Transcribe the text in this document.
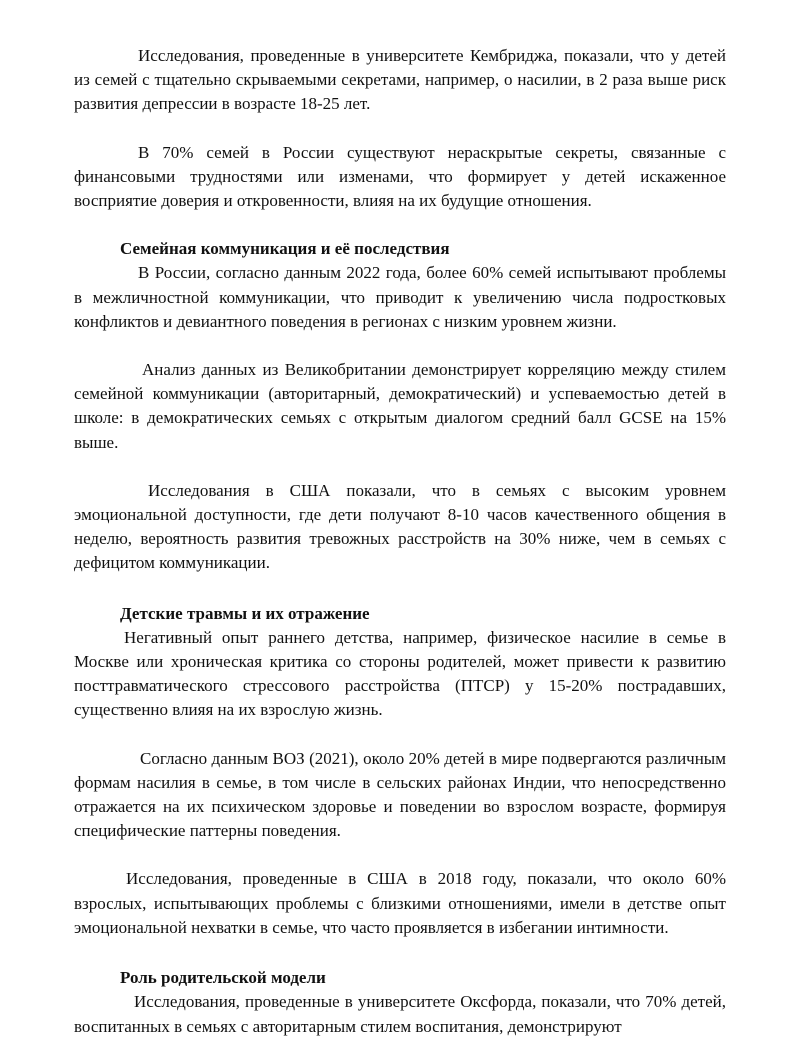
Исследования, проведенные в университете Кембриджа, показали, что у детей из семей с тщательно скрываемыми секретами, например, о насилии, в 2 раза выше риск развития депрессии в возрасте 18-25 лет.

В 70% семей в России существуют нераскрытые секреты, связанные с финансовыми трудностями или изменами, что формирует у детей искаженное восприятие доверия и откровенности, влияя на их будущие отношения.

Семейная коммуникация и её последствия

В России, согласно данным 2022 года, более 60% семей испытывают проблемы в межличностной коммуникации, что приводит к увеличению числа подростковых конфликтов и девиантного поведения в регионах с низким уровнем жизни.

Анализ данных из Великобритании демонстрирует корреляцию между стилем семейной коммуникации (авторитарный, демократический) и успеваемостью детей в школе: в демократических семьях с открытым диалогом средний балл GCSE на 15% выше.

Исследования в США показали, что в семьях с высоким уровнем эмоциональной доступности, где дети получают 8-10 часов качественного общения в неделю, вероятность развития тревожных расстройств на 30% ниже, чем в семьях с дефицитом коммуникации.

Детские травмы и их отражение

Негативный опыт раннего детства, например, физическое насилие в семье в Москве или хроническая критика со стороны родителей, может привести к развитию посттравматического стрессового расстройства (ПТСР) у 15-20% пострадавших, существенно влияя на их взрослую жизнь.

Согласно данным ВОЗ (2021), около 20% детей в мире подвергаются различным формам насилия в семье, в том числе в сельских районах Индии, что непосредственно отражается на их психическом здоровье и поведении во взрослом возрасте, формируя специфические паттерны поведения.

Исследования, проведенные в США в 2018 году, показали, что около 60% взрослых, испытывающих проблемы с близкими отношениями, имели в детстве опыт эмоциональной нехватки в семье, что часто проявляется в избегании интимности.

Роль родительской модели

Исследования, проведенные в университете Оксфорда, показали, что 70% детей, воспитанных в семьях с авторитарным стилем воспитания, демонстрируют
